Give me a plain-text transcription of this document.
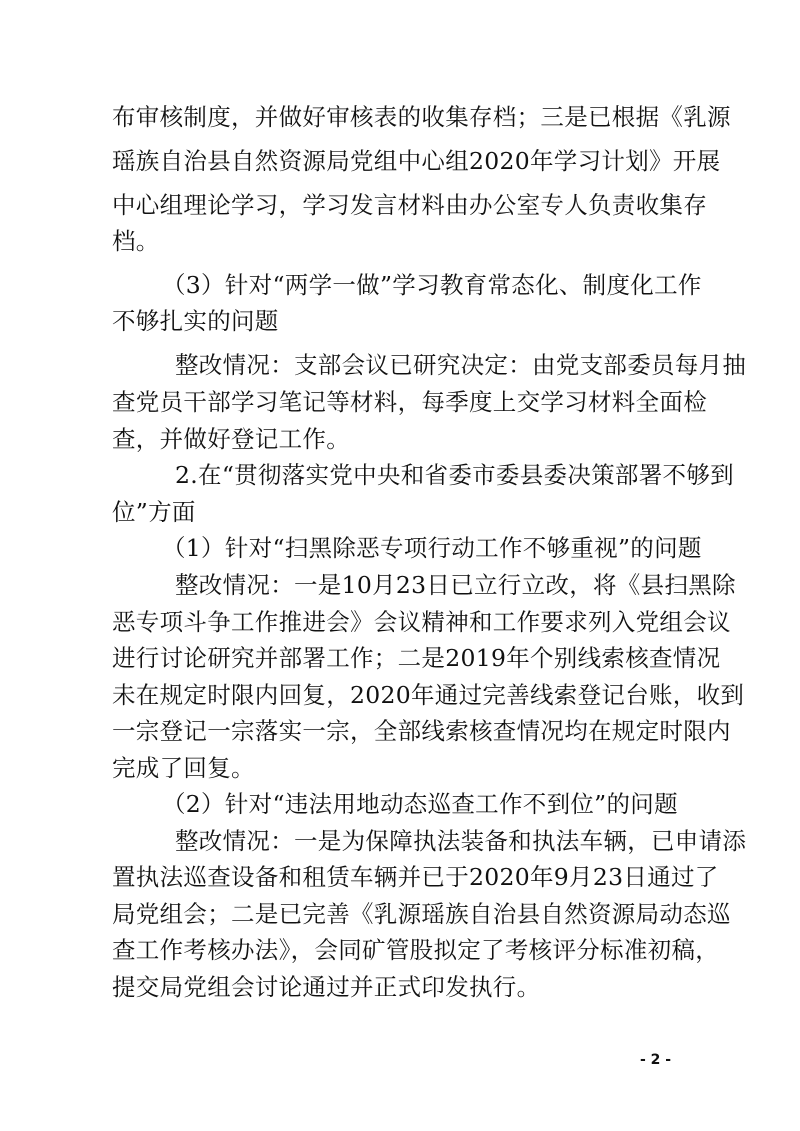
布审核制度，并做好审核表的收集存档；三是已根据《乳源
瑶族自治县自然资源局党组中心组2020年学习计划》开展
中心组理论学习，学习发言材料由办公室专人负责收集存
档。
（3）针对“两学一做”学习教育常态化、制度化工作
不够扎实的问题
整改情况：支部会议已研究决定：由党支部委员每月抽
查党员干部学习笔记等材料，每季度上交学习材料全面检
查，并做好登记工作。
2.在“贯彻落实党中央和省委市委县委决策部署不够到
位”方面
（1）针对“扫黑除恶专项行动工作不够重视”的问题
整改情况：一是10月23日已立行立改，将《县扫黑除
恶专项斗争工作推进会》会议精神和工作要求列入党组会议
进行讨论研究并部署工作；二是2019年个别线索核查情况
未在规定时限内回复，2020年通过完善线索登记台账，收到
一宗登记一宗落实一宗，全部线索核查情况均在规定时限内
完成了回复。
（2）针对“违法用地动态巡查工作不到位”的问题
整改情况：一是为保障执法装备和执法车辆，已申请添
置执法巡查设备和租赁车辆并已于2020年9月23日通过了
局党组会；二是已完善《乳源瑶族自治县自然资源局动态巡
查工作考核办法》，会同矿管股拟定了考核评分标准初稿，
提交局党组会讨论通过并正式印发执行。
- 2 -
